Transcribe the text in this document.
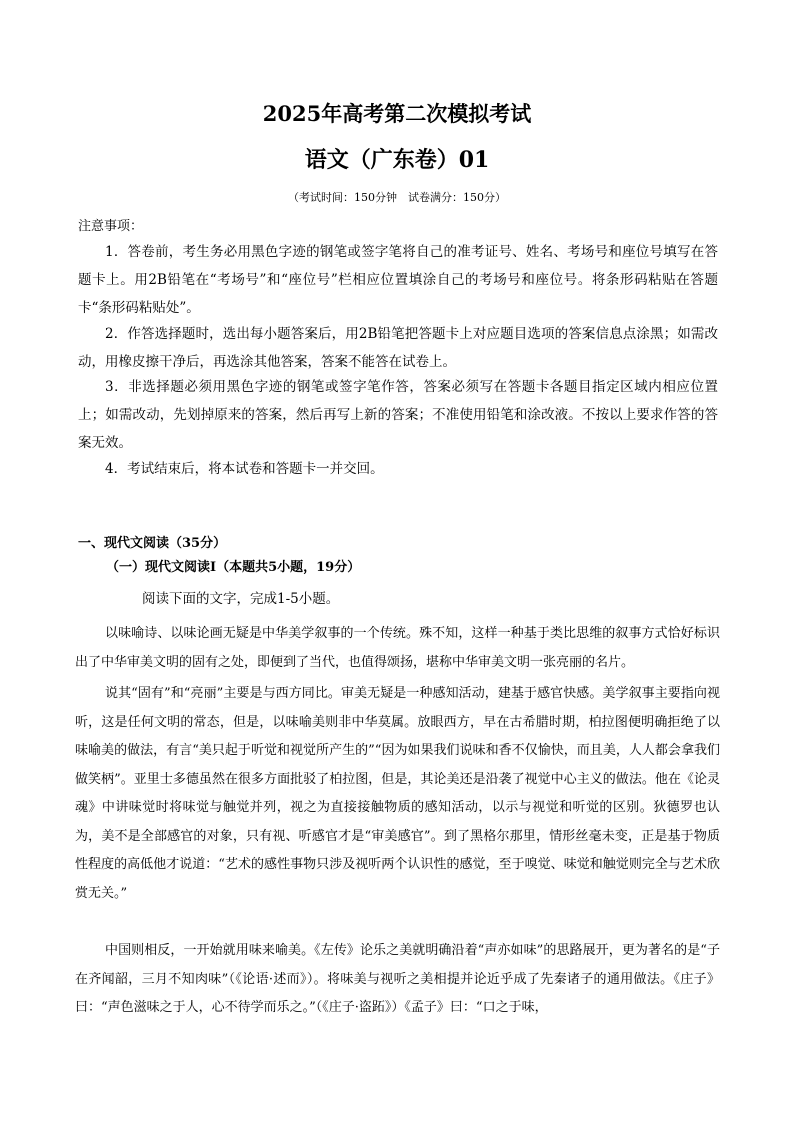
2025年高考第二次模拟考试
语文（广东卷）01
（考试时间：150分钟　试卷满分：150分）
注意事项：
1．答卷前，考生务必用黑色字迹的钢笔或签字笔将自己的准考证号、姓名、考场号和座位号填写在答题卡上。用2B铅笔在“考场号”和“座位号”栏相应位置填涂自己的考场号和座位号。将条形码粘贴在答题卡“条形码粘贴处”。
2．作答选择题时，选出每小题答案后，用2B铅笔把答题卡上对应题目选项的答案信息点涂黑；如需改动，用橡皮擦干净后，再选涂其他答案，答案不能答在试卷上。
3．非选择题必须用黑色字迹的钢笔或签字笔作答，答案必须写在答题卡各题目指定区域内相应位置上；如需改动，先划掉原来的答案，然后再写上新的答案；不准使用铅笔和涂改液。不按以上要求作答的答案无效。
4．考试结束后，将本试卷和答题卡一并交回。
一、现代文阅读（35分）
（一）现代文阅读Ⅰ（本题共5小题，19分）
阅读下面的文字，完成1-5小题。
以味喻诗、以味论画无疑是中华美学叙事的一个传统。殊不知，这样一种基于类比思维的叙事方式恰好标识出了中华审美文明的固有之处，即便到了当代，也值得颂扬，堪称中华审美文明一张亮丽的名片。
说其“固有”和“亮丽”主要是与西方同比。审美无疑是一种感知活动，建基于感官快感。美学叙事主要指向视听，这是任何文明的常态，但是，以味喻美则非中华莫属。放眼西方，早在古希腊时期，柏拉图便明确拒绝了以味喻美的做法，有言“美只起于听觉和视觉所产生的”“因为如果我们说味和香不仅愉快，而且美，人人都会拿我们做笑柄”。亚里士多德虽然在很多方面批驳了柏拉图，但是，其论美还是沿袭了视觉中心主义的做法。他在《论灵魂》中讲味觉时将味觉与触觉并列，视之为直接接触物质的感知活动，以示与视觉和听觉的区别。狄德罗也认为，美不是全部感官的对象，只有视、听感官才是“审美感官”。到了黑格尔那里，情形丝毫未变，正是基于物质性程度的高低他才说道：“艺术的感性事物只涉及视听两个认识性的感觉，至于嗅觉、味觉和触觉则完全与艺术欣赏无关。”
中国则相反，一开始就用味来喻美。《左传》论乐之美就明确沿着“声亦如味”的思路展开，更为著名的是“子在齐闻韶，三月不知肉味”（《论语·述而》）。将味美与视听之美相提并论近乎成了先秦诸子的通用做法。《庄子》曰：“声色滋味之于人，心不待学而乐之。”（《庄子·盗跖》）《孟子》曰：“口之于味，
